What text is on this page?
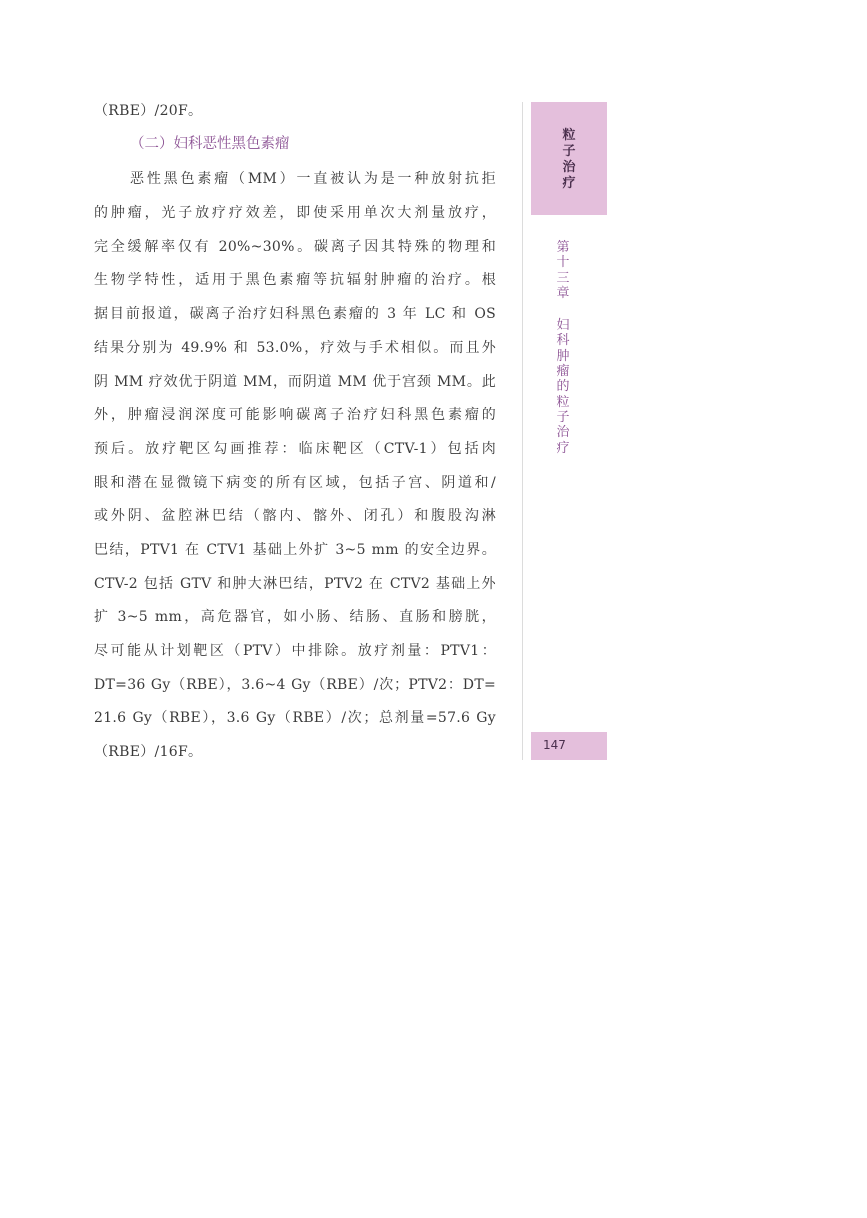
（RBE）/20F。
（二）妇科恶性黑色素瘤
恶性黑色素瘤（MM）一直被认为是一种放射抗拒
的肿瘤，光子放疗疗效差，即使采用单次大剂量放疗，
完全缓解率仅有 20%~30%。碳离子因其特殊的物理和
生物学特性，适用于黑色素瘤等抗辐射肿瘤的治疗。根
据目前报道，碳离子治疗妇科黑色素瘤的 3 年 LC 和 OS
结果分别为 49.9% 和 53.0%，疗效与手术相似。而且外
阴 MM 疗效优于阴道 MM，而阴道 MM 优于宫颈 MM。此
外，肿瘤浸润深度可能影响碳离子治疗妇科黑色素瘤的
预后。放疗靶区勾画推荐：临床靶区（CTV-1）包括肉
眼和潜在显微镜下病变的所有区域，包括子宫、阴道和/
或外阴、盆腔淋巴结（髂内、髂外、闭孔）和腹股沟淋
巴结，PTV1 在 CTV1 基础上外扩 3~5 mm 的安全边界。
CTV-2 包括 GTV 和肿大淋巴结，PTV2 在 CTV2 基础上外
扩 3~5 mm，高危器官，如小肠、结肠、直肠和膀胱，
尽可能从计划靶区（PTV）中排除。放疗剂量：PTV1：
DT=36 Gy（RBE），3.6~4 Gy（RBE）/次；PTV2：DT=
21.6 Gy（RBE），3.6 Gy（RBE）/次；总剂量=57.6 Gy
（RBE）/16F。
粒
子
治
疗
第
十
三
章
妇
科
肿
瘤
的
粒
子
治
疗
147
